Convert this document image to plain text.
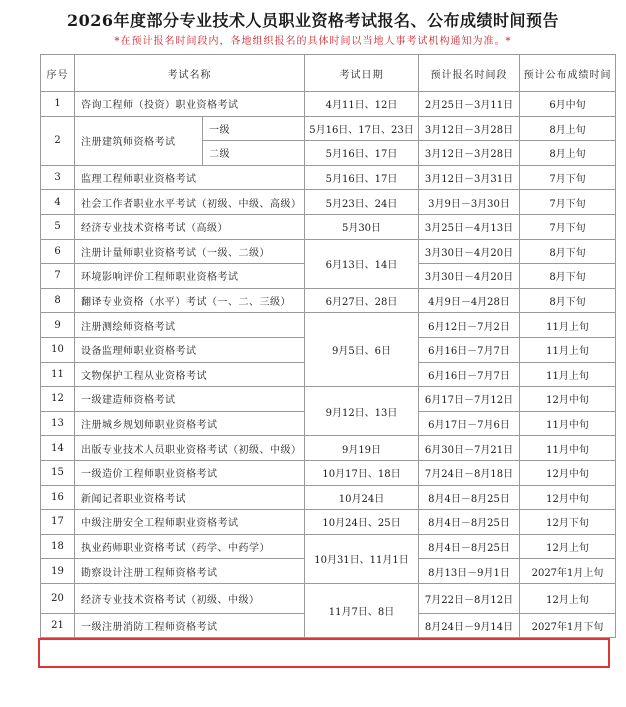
2026年度部分专业技术人员职业资格考试报名、公布成绩时间预告
*在预计报名时间段内，各地组织报名的具体时间以当地人事考试机构通知为准。*
序号	考试名称		考试日期	预计报名时间段	预计公布成绩时间
1	咨询工程师（投资）职业资格考试		4月11日、12日	2月25日－3月11日	6月中旬
2	注册建筑师资格考试	一级	5月16日、17日、23日	3月12日－3月28日	8月上旬
		二级	5月16日、17日	3月12日－3月28日	8月上旬
3	监理工程师职业资格考试		5月16日、17日	3月12日－3月31日	7月下旬
4	社会工作者职业水平考试（初级、中级、高级）		5月23日、24日	3月9日－3月30日	7月下旬
5	经济专业技术资格考试（高级）		5月30日	3月25日－4月13日	7月下旬
6	注册计量师职业资格考试（一级、二级）		6月13日、14日	3月30日－4月20日	8月下旬
7	环境影响评价工程师职业资格考试			3月30日－4月20日	8月下旬
8	翻译专业资格（水平）考试（一、二、三级）		6月27日、28日	4月9日－4月28日	8月下旬
9	注册测绘师资格考试		9月5日、6日	6月12日－7月2日	11月上旬
10	设备监理师职业资格考试			6月16日－7月7日	11月上旬
11	文物保护工程从业资格考试			6月16日－7月7日	11月上旬
12	一级建造师资格考试		9月12日、13日	6月17日－7月12日	12月中旬
13	注册城乡规划师职业资格考试			6月17日－7月6日	11月中旬
14	出版专业技术人员职业资格考试（初级、中级）		9月19日	6月30日－7月21日	11月中旬
15	一级造价工程师职业资格考试		10月17日、18日	7月24日－8月18日	12月中旬
16	新闻记者职业资格考试		10月24日	8月4日－8月25日	12月中旬
17	中级注册安全工程师职业资格考试		10月24日、25日	8月4日－8月25日	12月下旬
18	执业药师职业资格考试（药学、中药学）		10月31日、11月1日	8月4日－8月25日	12月上旬
19	勘察设计注册工程师资格考试			8月13日－9月1日	2027年1月上旬
20	经济专业技术资格考试（初级、中级）		11月7日、8日	7月22日－8月12日	12月上旬
21	一级注册消防工程师资格考试			8月24日－9月14日	2027年1月下旬
